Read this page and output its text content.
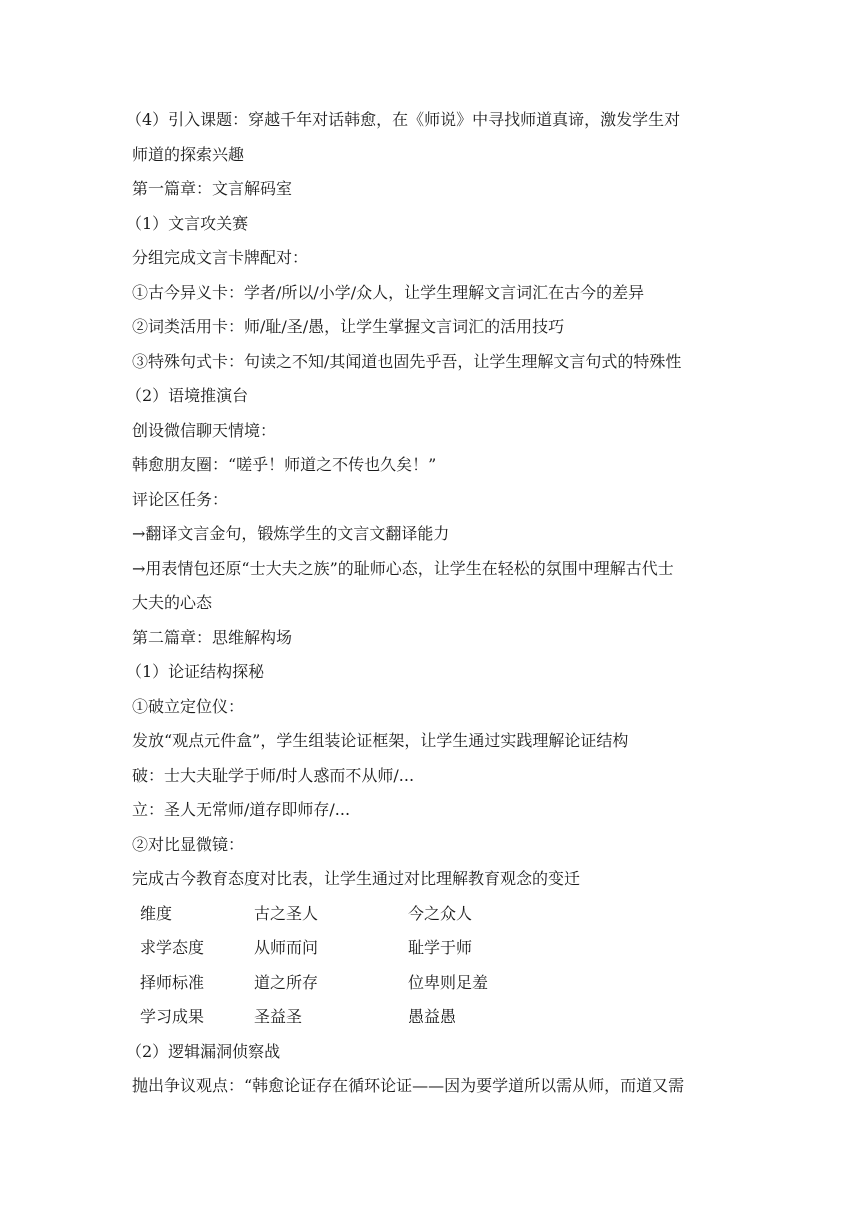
（4）引入课题：穿越千年对话韩愈，在《师说》中寻找师道真谛，激发学生对

师道的探索兴趣

第一篇章：文言解码室

（1）文言攻关赛

分组完成文言卡牌配对：

①古今异义卡：学者/所以/小学/众人，让学生理解文言词汇在古今的差异

②词类活用卡：师/耻/圣/愚，让学生掌握文言词汇的活用技巧

③特殊句式卡：句读之不知/其闻道也固先乎吾，让学生理解文言句式的特殊性

（2）语境推演台

创设微信聊天情境：

韩愈朋友圈：“嗟乎！师道之不传也久矣！”

评论区任务：

→翻译文言金句，锻炼学生的文言文翻译能力

→用表情包还原“士大夫之族”的耻师心态，让学生在轻松的氛围中理解古代士

大夫的心态

第二篇章：思维解构场

（1）论证结构探秘

①破立定位仪：

发放“观点元件盒”，学生组装论证框架，让学生通过实践理解论证结构

破：士大夫耻学于师/时人惑而不从师/...

立：圣人无常师/道存即师存/...

②对比显微镜：

完成古今教育态度对比表，让学生通过对比理解教育观念的变迁

维度	古之圣人	今之众人
求学态度	从师而问	耻学于师
择师标准	道之所存	位卑则足羞
学习成果	圣益圣	愚益愚

（2）逻辑漏洞侦察战

抛出争议观点：“韩愈论证存在循环论证——因为要学道所以需从师，而道又需
